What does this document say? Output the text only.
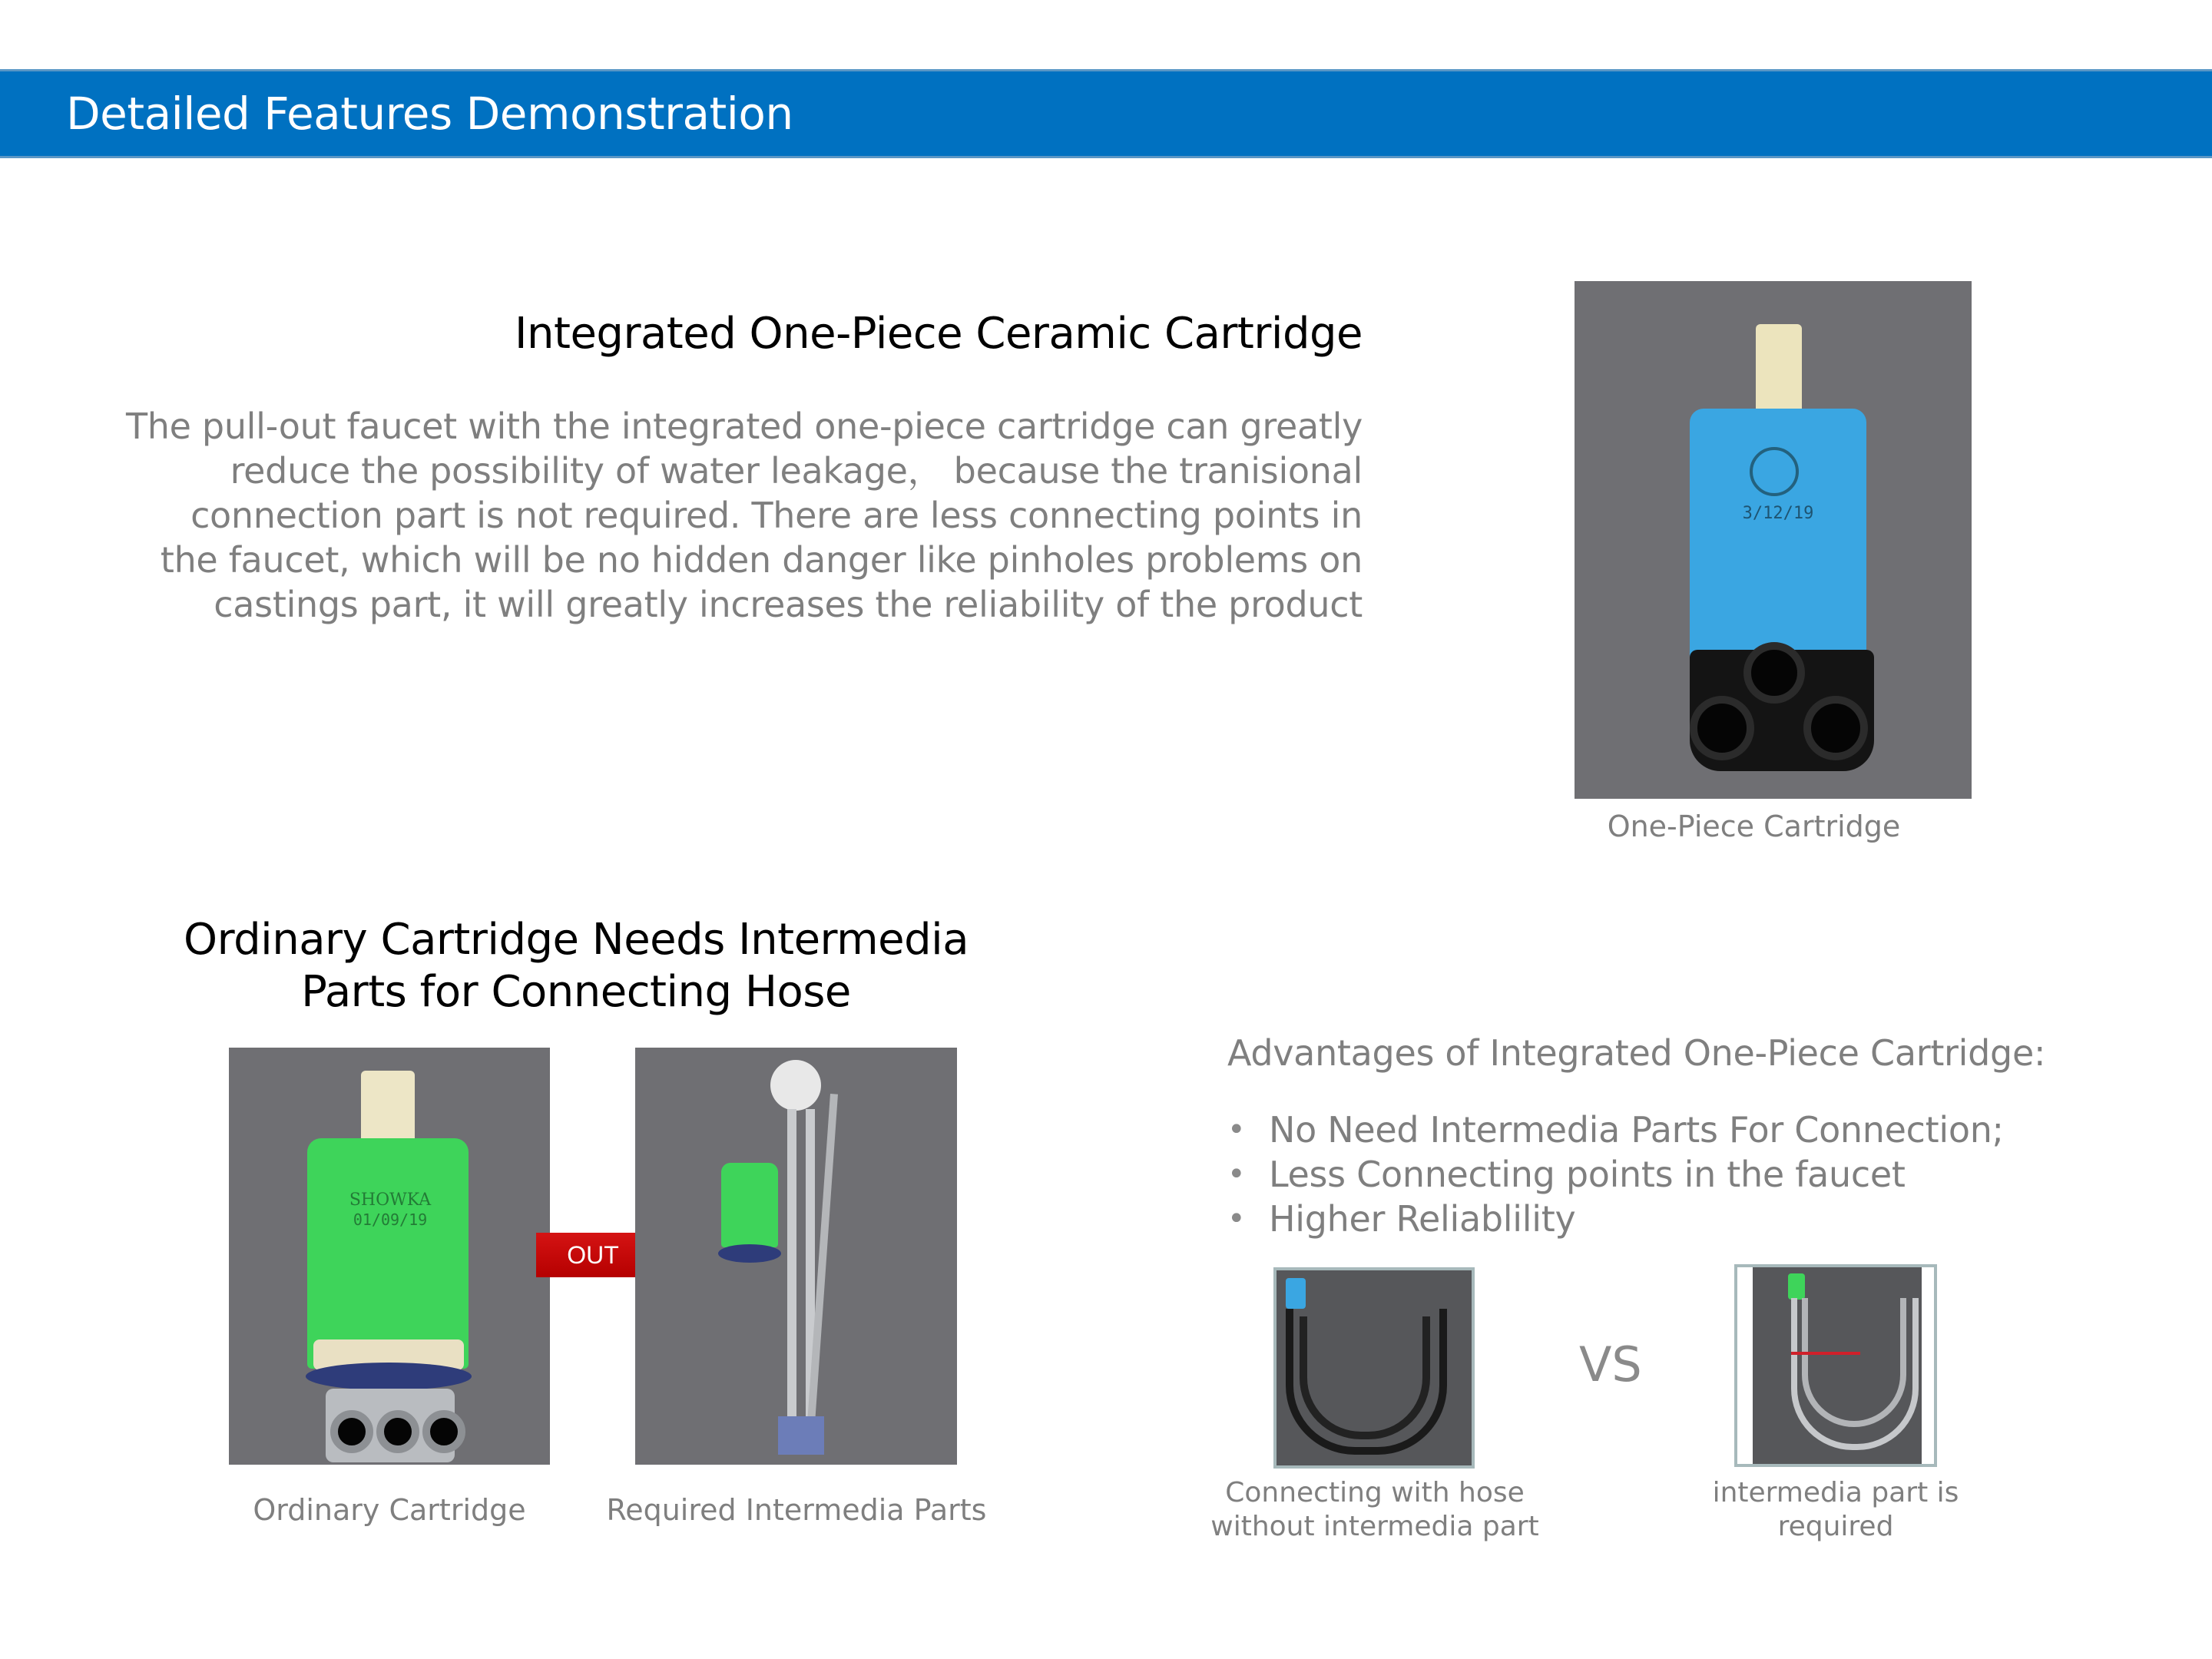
Detailed Features Demonstration
Integrated One-Piece Ceramic Cartridge
The pull-out faucet with the integrated one-piece cartridge can greatly
reduce the possibility of water leakage， because the tranisional
connection part is not required. There are less connecting points in
the faucet, which will be no hidden danger like pinholes problems on
castings part, it will greatly increases the reliability of the product
3/12/19
One-Piece Cartridge
Ordinary Cartridge Needs Intermedia
Parts for Connecting Hose
SHOWKA
01/09/19
OUT
Ordinary Cartridge	Required Intermedia Parts
Advantages of Integrated One-Piece Cartridge:
• No Need Intermedia Parts For Connection;
• Less Connecting points in the faucet
• Higher Reliablility
VS
Connecting with hose
without intermedia part
intermedia part is
required
